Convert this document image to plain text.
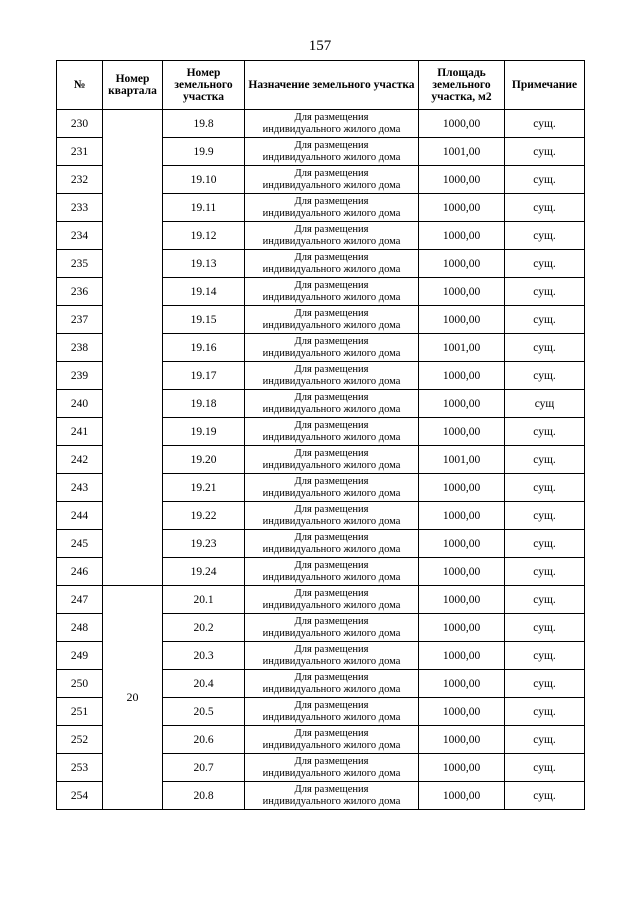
157
№	Номер квартала	Номер земельного участка	Назначение земельного участка	Площадь земельного участка, м2	Примечание
230		19.8	Для размещения
индивидуального жилого дома	1000,00	сущ.
231		19.9	Для размещения
индивидуального жилого дома	1001,00	сущ.
232		19.10	Для размещения
индивидуального жилого дома	1000,00	сущ.
233		19.11	Для размещения
индивидуального жилого дома	1000,00	сущ.
234		19.12	Для размещения
индивидуального жилого дома	1000,00	сущ.
235		19.13	Для размещения
индивидуального жилого дома	1000,00	сущ.
236		19.14	Для размещения
индивидуального жилого дома	1000,00	сущ.
237		19.15	Для размещения
индивидуального жилого дома	1000,00	сущ.
238		19.16	Для размещения
индивидуального жилого дома	1001,00	сущ.
239		19.17	Для размещения
индивидуального жилого дома	1000,00	сущ.
240		19.18	Для размещения
индивидуального жилого дома	1000,00	сущ
241		19.19	Для размещения
индивидуального жилого дома	1000,00	сущ.
242		19.20	Для размещения
индивидуального жилого дома	1001,00	сущ.
243		19.21	Для размещения
индивидуального жилого дома	1000,00	сущ.
244		19.22	Для размещения
индивидуального жилого дома	1000,00	сущ.
245		19.23	Для размещения
индивидуального жилого дома	1000,00	сущ.
246		19.24	Для размещения
индивидуального жилого дома	1000,00	сущ.
247	20	20.1	Для размещения
индивидуального жилого дома	1000,00	сущ.
248		20.2	Для размещения
индивидуального жилого дома	1000,00	сущ.
249		20.3	Для размещения
индивидуального жилого дома	1000,00	сущ.
250		20.4	Для размещения
индивидуального жилого дома	1000,00	сущ.
251		20.5	Для размещения
индивидуального жилого дома	1000,00	сущ.
252		20.6	Для размещения
индивидуального жилого дома	1000,00	сущ.
253		20.7	Для размещения
индивидуального жилого дома	1000,00	сущ.
254		20.8	Для размещения
индивидуального жилого дома	1000,00	сущ.
